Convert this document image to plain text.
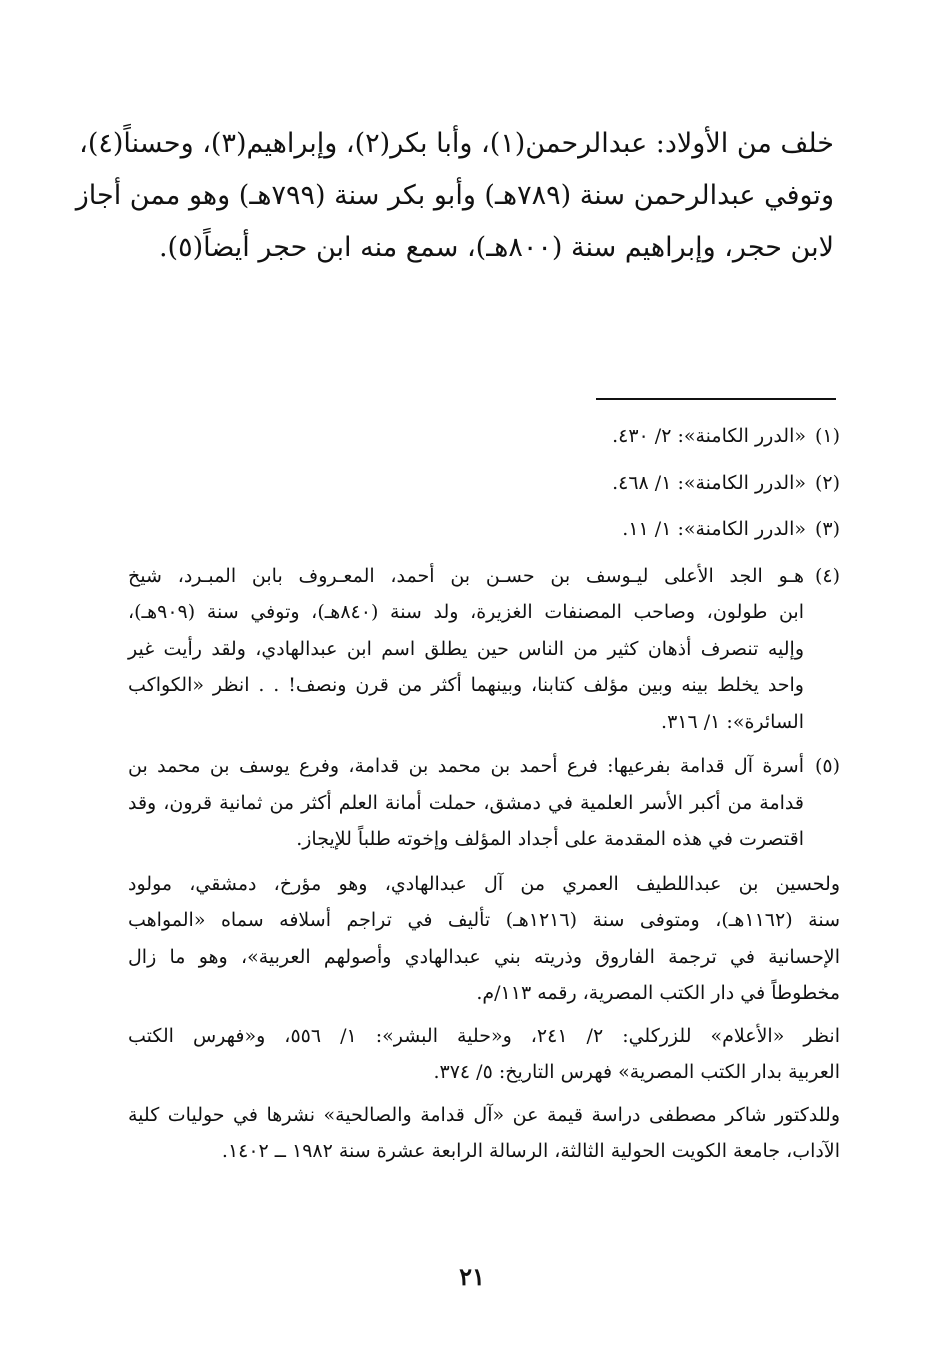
خلف من الأولاد: عبدالرحمن(١)، وأبا بكر(٢)، وإبراهيم(٣)، وحسناً(٤)،
وتوفي عبدالرحمن سنة (٧٨٩هـ) وأبو بكر سنة (٧٩٩هـ) وهو ممن أجاز
لابن حجر، وإبراهيم سنة (٨٠٠هـ)، سمع منه ابن حجر أيضاً(٥).
(١)
«الدرر الكامنة»: ٢/ ٤٣٠.
(٢)
«الدرر الكامنة»: ١/ ٤٦٨.
(٣)
«الدرر الكامنة»: ١/ ١١.
(٤)
هـو الجد الأعلى ليـوسف بن حسـن بن أحمد، المعـروف بابن المبـرد، شيخ
ابن طولون، وصاحب المصنفات الغزيرة، ولد سنة (٨٤٠هـ)، وتوفي سنة (٩٠٩هـ)،
وإليه تنصرف أذهان كثير من الناس حين يطلق اسم ابن عبدالهادي، ولقد رأيت غير
واحد يخلط بينه وبين مؤلف كتابنا، وبينهما أكثر من قرن ونصف! . . انظر «الكواكب
السائرة»: ١/ ٣١٦.
(٥)
أسرة آل قدامة بفرعيها: فرع أحمد بن محمد بن قدامة، وفرع يوسف بن محمد بن
قدامة من أكبر الأسر العلمية في دمشق، حملت أمانة العلم أكثر من ثمانية قرون، وقد
اقتصرت في هذه المقدمة على أجداد المؤلف وإخوته طلباً للإيجاز.
ولحسين بن عبداللطيف العمري من آل عبدالهادي، وهو مؤرخ، دمشقي، مولود
سنة (١١٦٢هـ)، ومتوفى سنة (١٢١٦هـ) تأليف في تراجم أسلافه سماه «المواهب
الإحسانية في ترجمة الفاروق وذريته بني عبدالهادي وأصولهم العربية»، وهو ما زال
مخطوطاً في دار الكتب المصرية، رقمه ١١٣/م.
انظر «الأعلام» للزركلي: ٢/ ٢٤١، و«حلية البشر»: ١/ ٥٥٦، و«فهرس الكتب
العربية بدار الكتب المصرية» فهرس التاريخ: ٥/ ٣٧٤.
وللدكتور شاكر مصطفى دراسة قيمة عن «آل قدامة والصالحية» نشرها في حوليات كلية
الآداب، جامعة الكويت الحولية الثالثة، الرسالة الرابعة عشرة سنة ١٩٨٢ ــ ١٤٠٢.
٢١
